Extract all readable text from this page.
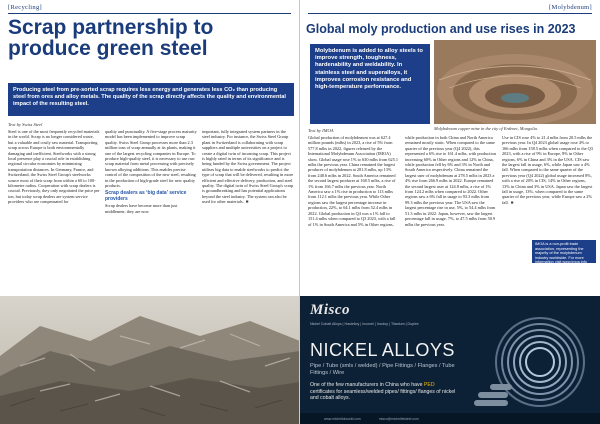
[Recycling]
Scrap partnership to produce green steel
Producing steel from pre-sorted scrap requires less energy and generates less CO₂ than producing steel from ores and alloy metals. The quality of the scrap directly affects the quality and environmental impact of the resulting steel.
Text by Swiss Steel

Steel is one of the most frequently recycled materials in the world. Scrap is no longer considered waste, but a valuable and costly raw material. Transporting scrap across Europe is both environmentally damaging and inefficient. Steelworks with a strong local presence play a crucial role in establishing regional circular economies by minimising transportation distances. In Germany, France, and Switzerland, the Swiss Steel Group's steelworks source most of their scrap from within a 60 to 100-kilometre radius. Cooperation with scrap dealers is crucial. Previously, they only negotiated the price per ton, but today scrap dealers are system service providers who are compensated for

quality and punctuality. A five-stage process maturity model has been implemented to improve scrap quality. Swiss Steel Group processes more than 2.3 million tons of scrap annually at its plants, making it one of the largest recycling companies in Europe. To produce high-quality steel, it is necessary to use raw scrap material from metal processing with precisely known alloying additions. This enables precise control of the composition of the new steel, resulting in the production of high-grade steel for new quality products.

Scrap dealers as ‘big data’ service providers

Scrap dealers have become more than just middlemen; they are now

important, fully integrated system partners in the steel industry. For instance, the Swiss Steel Group plant in Switzerland is collaborating with scrap suppliers and multiple universities on a project to create a digital twin of incoming scrap. This project is highly rated in terms of its significance and is being funded by the Swiss government. The project utilises big data to enable steelworks to predict the type of scrap that will be delivered, resulting in more efficient and effective delivery, production, and steel quality. The digital twin of Swiss Steel Group's scrap is groundbreaking and has potential applications beyond the steel industry. The system can also be used for other materials. ◾

[Molybdenum]
Global moly production and use rises in 2023
Molybdenum is added to alloy steels to improve strength, toughness, hardenability and weldability. In stainless steel and superalloys, it improves corrosion resistance and high-temperature performance.
Molybdenum copper mine in the city of Erdenet, Mongolia.
Text by IMOA

Global production of molybdenum was at 627.4 million pounds (mlbs) in 2023, a rise of 5% from 577.8 mlbs in 2022, figures released by the International Molybdenum Association (IMOA) show. Global usage rose 1% to 630 mlbs from 625.1 mlbs the previous year. China remained the largest producer of molybdenum at 281.8 mlbs, up 13% from 248.6 mlbs in 2022. South America remained the second largest producer at 168.5 mlbs, a rise of 1% from 166.7 mlbs the previous year. North America saw a 1% rise in production to 113 mlbs from 112.1 mlbs the previous year. While Other regions saw the largest percentage increase in production, 22%, to 64.1 mlbs from 52.4 mlbs in 2022. Global production in Q4 was a 1% fall to 151.4 mlbs when compared to Q3 2023, with a fall of 1% in South America and 5% in Other regions,

while production in both China and North America remained mostly static. When compared to the same quarter of the previous year (Q4 2022), this represented a 6% rise to 161.4 mlbs, with production increasing 60% in Other regions and 12% in China, while production fell by 6% and 3% in North and South America respectively. China remained the largest user of molybdenum at 278.5 mlbs in 2023 a 4% rise from 266.9 mlbs in 2022. Europe remained the second largest user at 124.8 mlbs, a rise of 1% from 124.2 mlbs when compared to 2022. Other regions saw a 6% fall in usage to 93.3 mlbs from 99.3 mlbs the previous year. The USA saw the largest percentage rise in use, 5%, to 54.4 mlbs from 51.3 mlbs in 2022. Japan, however, saw the largest percentage fall in usage, 7%, to 47.5 mlbs from 50.9 mlbs the previous year.

Use in CIS rose 4% to 21.4 mlbs from 20.5 mlbs the previous year. In Q4 2023 global usage rose 4% to 166 mlbs from 158.5 mlbs when compared to the Q3 2023, with a rise of 9% in Europe, 8% in Other regions, 6% in China and 3% in the USA. CIS saw the largest fall in usage, 6%, while Japan saw a 4% fall. When compared to the same quarter of the previous year (Q4 2022) global usage increased 8%, with a rise of 20% in CIS, 14% in Other regions, 13% in China and 3% in USA. Japan saw the largest fall in usage, 13%, when compared to the same quarter of the previous year, while Europe saw a 2% fall. ◾

IMOA is a non-profit trade association, representing the majority of the molybdenum industry worldwide. For more information visit www.imoa.info
Misco
Nickel Cobalt Alloys | Hastelloy | Inconel | Incoloy | Titanium | Duplex
NICKEL ALLOYS
Pipe / Tube (smls / welded) / Pipe Fittings / Flanges / Tube Fittings / Wire
One of the few manufacturers in China who have PED certificates for seamless/welded pipes/ fittings/ flanges of nickel and cobalt alloys.
www.michellolworld.com	misco@michellelsteel.com
